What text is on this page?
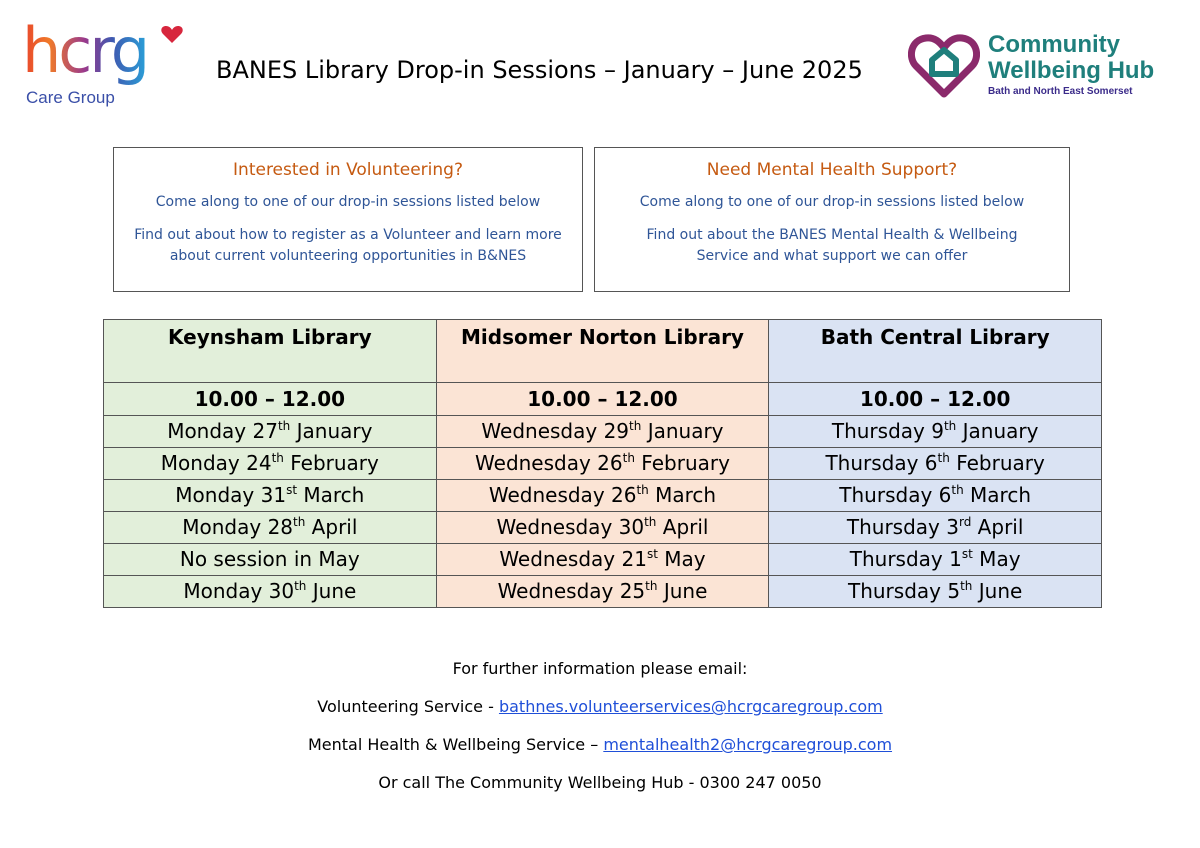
hcrg
Care Group
BANES Library Drop-in Sessions – January – June 2025
Community
Wellbeing Hub
Bath and North East Somerset
Interested in Volunteering?
Come along to one of our drop-in sessions listed below
Find out about how to register as a Volunteer and learn more
about current volunteering opportunities in B&NES
Need Mental Health Support?
Come along to one of our drop-in sessions listed below
Find out about the BANES Mental Health & Wellbeing
Service and what support we can offer
Keynsham Library	Midsomer Norton Library	Bath Central Library
10.00 – 12.00	10.00 – 12.00	10.00 – 12.00
Monday 27th January	Wednesday 29th January	Thursday 9th January
Monday 24th February	Wednesday 26th February	Thursday 6th February
Monday 31st March	Wednesday 26th March	Thursday 6th March
Monday 28th April	Wednesday 30th April	Thursday 3rd April
No session in May	Wednesday 21st May	Thursday 1st May
Monday 30th June	Wednesday 25th June	Thursday 5th June
For further information please email:
Volunteering Service - bathnes.volunteerservices@hcrgcaregroup.com
Mental Health & Wellbeing Service – mentalhealth2@hcrgcaregroup.com
Or call The Community Wellbeing Hub - 0300 247 0050
